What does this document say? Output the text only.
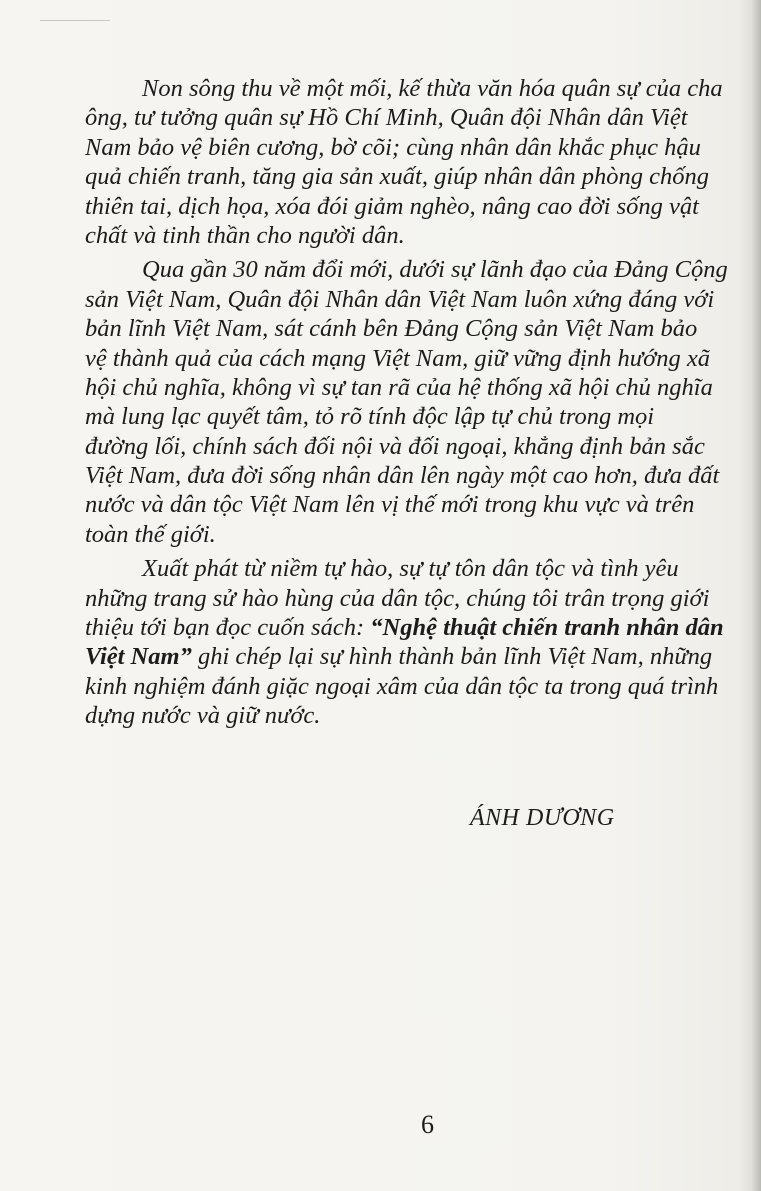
Non sông thu về một mối, kế thừa văn hóa quân sự của cha
ông, tư tưởng quân sự Hồ Chí Minh, Quân đội Nhân dân Việt
Nam bảo vệ biên cương, bờ cõi; cùng nhân dân khắc phục hậu
quả chiến tranh, tăng gia sản xuất, giúp nhân dân phòng chống
thiên tai, dịch họa, xóa đói giảm nghèo, nâng cao đời sống vật
chất và tinh thần cho người dân.
Qua gần 30 năm đổi mới, dưới sự lãnh đạo của Đảng Cộng
sản Việt Nam, Quân đội Nhân dân Việt Nam luôn xứng đáng với
bản lĩnh Việt Nam, sát cánh bên Đảng Cộng sản Việt Nam bảo
vệ thành quả của cách mạng Việt Nam, giữ vững định hướng xã
hội chủ nghĩa, không vì sự tan rã của hệ thống xã hội chủ nghĩa
mà lung lạc quyết tâm, tỏ rõ tính độc lập tự chủ trong mọi
đường lối, chính sách đối nội và đối ngoại, khẳng định bản sắc
Việt Nam, đưa đời sống nhân dân lên ngày một cao hơn, đưa đất
nước và dân tộc Việt Nam lên vị thế mới trong khu vực và trên
toàn thế giới.
Xuất phát từ niềm tự hào, sự tự tôn dân tộc và tình yêu
những trang sử hào hùng của dân tộc, chúng tôi trân trọng giới
thiệu tới bạn đọc cuốn sách: “Nghệ thuật chiến tranh nhân dân
Việt Nam” ghi chép lại sự hình thành bản lĩnh Việt Nam, những
kinh nghiệm đánh giặc ngoại xâm của dân tộc ta trong quá trình
dựng nước và giữ nước.
ÁNH DƯƠNG
6
